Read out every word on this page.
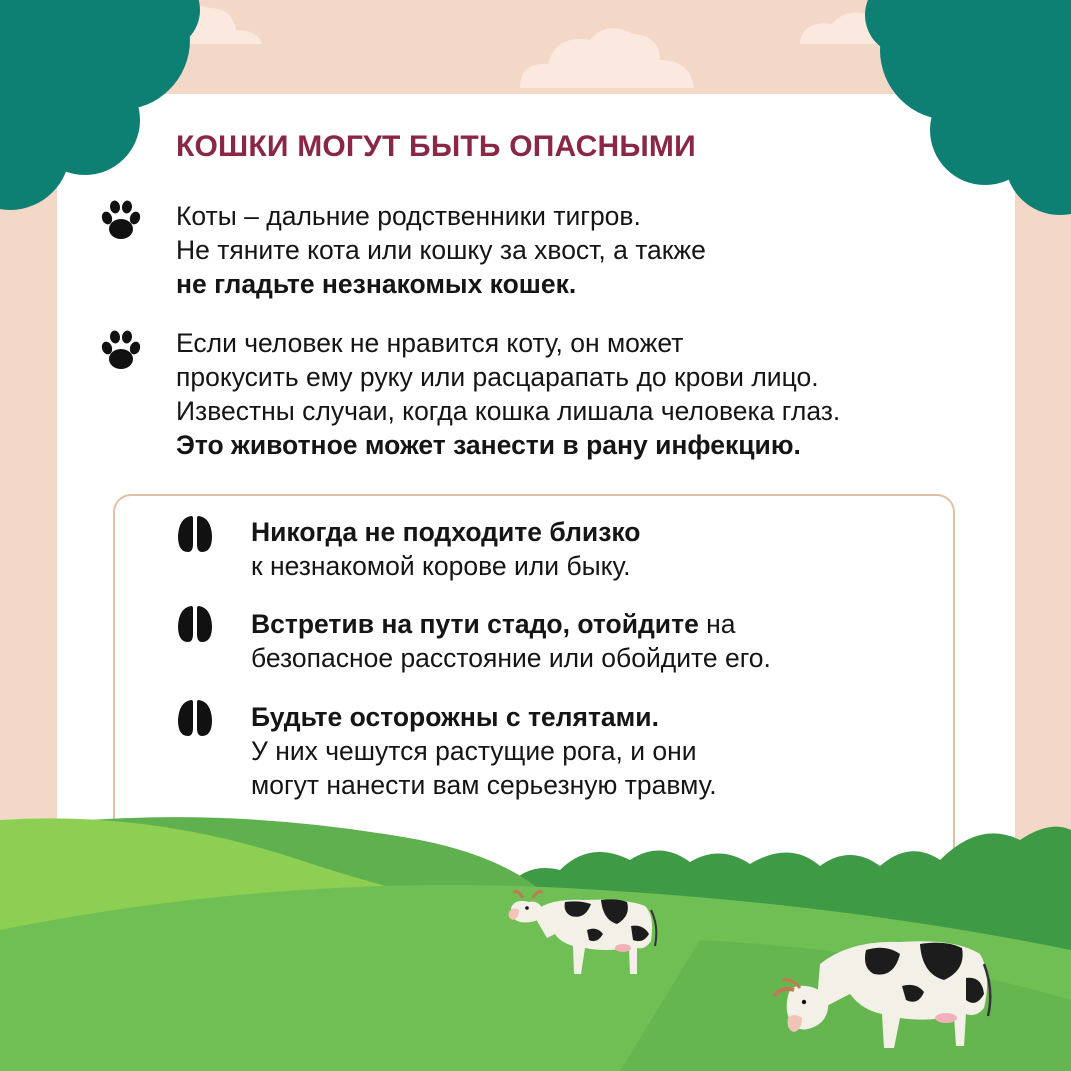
КОШКИ МОГУТ БЫТЬ ОПАСНЫМИ
Коты – дальние родственники тигров.
Не тяните кота или кошку за хвост, а также
не гладьте незнакомых кошек.
Если человек не нравится коту, он может
прокусить ему руку или расцарапать до крови лицо.
Известны случаи, когда кошка лишала человека глаз.
Это животное может занести в рану инфекцию.
Никогда не подходите близко
к незнакомой корове или быку.
Встретив на пути стадо, отойдите на
безопасное расстояние или обойдите его.
Будьте осторожны с телятами.
У них чешутся растущие рога, и они
могут нанести вам серьезную травму.
